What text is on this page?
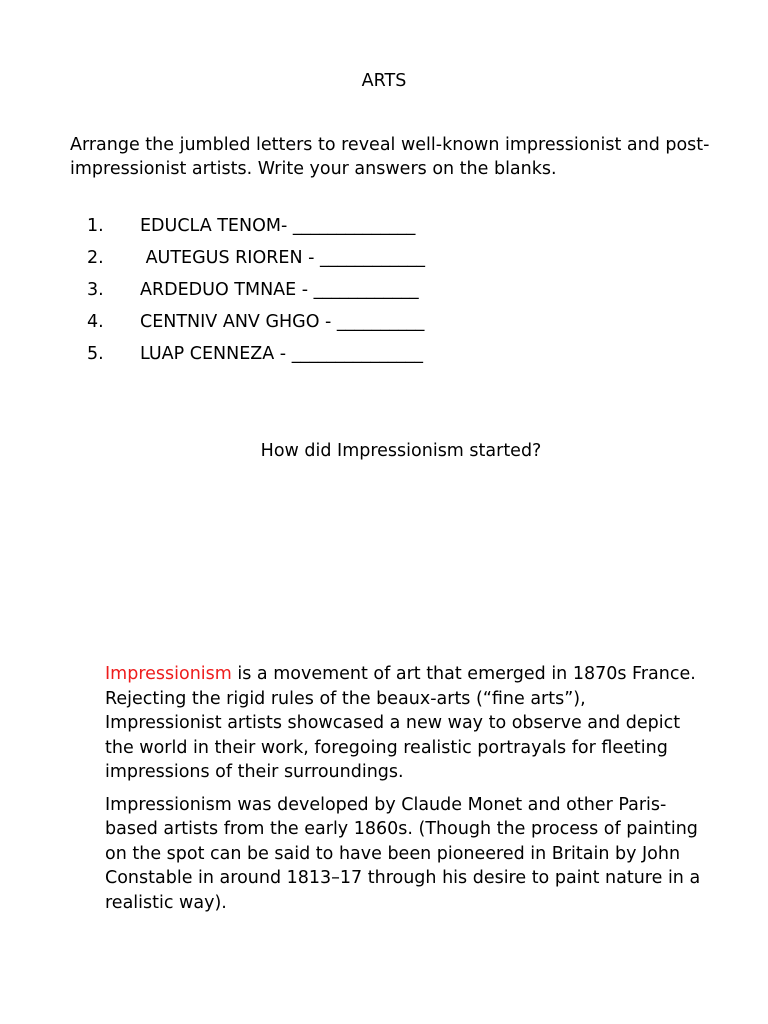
ARTS

Arrange the jumbled letters to reveal well-known impressionist and post- impressionist artists. Write your answers on the blanks.

1.	EDUCLA TENOM- ______________
2.	AUTEGUS RIOREN - ____________
3.	ARDEDUO TMNAE - ____________
4.	CENTNIV ANV GHGO - __________
5.	LUAP CENNEZA - _______________

How did Impressionism started?

Impressionism is a movement of art that emerged in 1870s France. Rejecting the rigid rules of the beaux-arts (“fine arts”), Impressionist artists showcased a new way to observe and depict the world in their work, foregoing realistic portrayals for fleeting impressions of their surroundings.

Impressionism was developed by Claude Monet and other Paris-based artists from the early 1860s. (Though the process of painting on the spot can be said to have been pioneered in Britain by John Constable in around 1813–17 through his desire to paint nature in a realistic way).
